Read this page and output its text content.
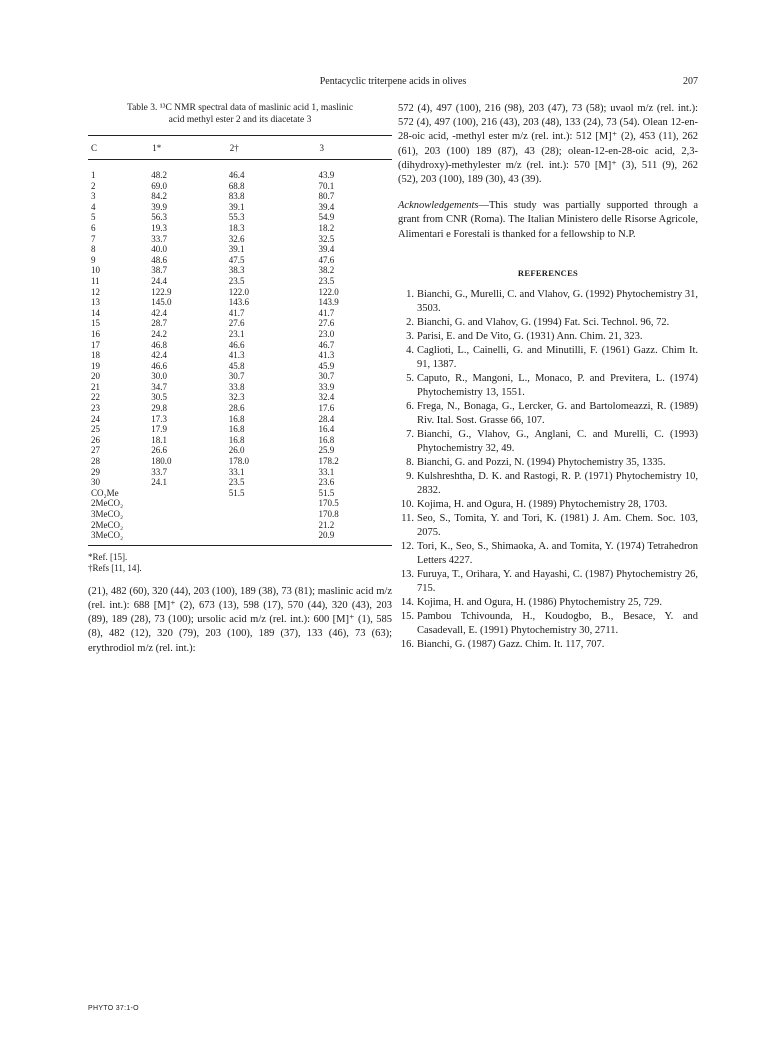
Pentacyclic triterpene acids in olives	207
Table 3. ¹³C NMR spectral data of maslinic acid 1, maslinic
acid methyl ester 2 and its diacetate 3
C	1*	2†	3
1	48.2	46.4	43.9
2	69.0	68.8	70.1
3	84.2	83.8	80.7
4	39.9	39.1	39.4
5	56.3	55.3	54.9
6	19.3	18.3	18.2
7	33.7	32.6	32.5
8	40.0	39.1	39.4
9	48.6	47.5	47.6
10	38.7	38.3	38.2
11	24.4	23.5	23.5
12	122.9	122.0	122.0
13	145.0	143.6	143.9
14	42.4	41.7	41.7
15	28.7	27.6	27.6
16	24.2	23.1	23.0
17	46.8	46.6	46.7
18	42.4	41.3	41.3
19	46.6	45.8	45.9
20	30.0	30.7	30.7
21	34.7	33.8	33.9
22	30.5	32.3	32.4
23	29.8	28.6	17.6
24	17.3	16.8	28.4
25	17.9	16.8	16.4
26	18.1	16.8	16.8
27	26.6	26.0	25.9
28	180.0	178.0	178.2
29	33.7	33.1	33.1
30	24.1	23.5	23.6
CO₂Me		51.5	51.5
2MeCO₂			170.5
3MeCO₂			170.8
2MeCO₂			21.2
3MeCO₂			20.9
*Ref. [15].
†Refs [11, 14].
(21), 482 (60), 320 (44), 203 (100), 189 (38), 73 (81); maslinic acid m/z (rel. int.): 688 [M]⁺ (2), 673 (13), 598 (17), 570 (44), 320 (43), 203 (89), 189 (28), 73 (100); ursolic acid m/z (rel. int.): 600 [M]⁺ (1), 585 (8), 482 (12), 320 (79), 203 (100), 189 (37), 133 (46), 73 (63); erythrodiol m/z (rel. int.):
572 (4), 497 (100), 216 (98), 203 (47), 73 (58); uvaol m/z (rel. int.): 572 (4), 497 (100), 216 (43), 203 (48), 133 (24), 73 (54). Olean 12-en-28-oic acid, -methyl ester m/z (rel. int.): 512 [M]⁺ (2), 453 (11), 262 (61), 203 (100) 189 (87), 43 (28); olean-12-en-28-oic acid, 2,3-(dihydroxy)-methylester m/z (rel. int.): 570 [M]⁺ (3), 511 (9), 262 (52), 203 (100), 189 (30), 43 (39).
Acknowledgements—This study was partially supported through a grant from CNR (Roma). The Italian Ministero delle Risorse Agricole, Alimentari e Forestali is thanked for a fellowship to N.P.
REFERENCES
1. Bianchi, G., Murelli, C. and Vlahov, G. (1992) Phytochemistry 31, 3503.
2. Bianchi, G. and Vlahov, G. (1994) Fat. Sci. Technol. 96, 72.
3. Parisi, E. and De Vito, G. (1931) Ann. Chim. 21, 323.
4. Caglioti, L., Cainelli, G. and Minutilli, F. (1961) Gazz. Chim It. 91, 1387.
5. Caputo, R., Mangoni, L., Monaco, P. and Previtera, L. (1974) Phytochemistry 13, 1551.
6. Frega, N., Bonaga, G., Lercker, G. and Bartolomeazzi, R. (1989) Riv. Ital. Sost. Grasse 66, 107.
7. Bianchi, G., Vlahov, G., Anglani, C. and Murelli, C. (1993) Phytochemistry 32, 49.
8. Bianchi, G. and Pozzi, N. (1994) Phytochemistry 35, 1335.
9. Kulshreshtha, D. K. and Rastogi, R. P. (1971) Phytochemistry 10, 2832.
10. Kojima, H. and Ogura, H. (1989) Phytochemistry 28, 1703.
11. Seo, S., Tomita, Y. and Tori, K. (1981) J. Am. Chem. Soc. 103, 2075.
12. Tori, K., Seo, S., Shimaoka, A. and Tomita, Y. (1974) Tetrahedron Letters 4227.
13. Furuya, T., Orihara, Y. and Hayashi, C. (1987) Phytochemistry 26, 715.
14. Kojima, H. and Ogura, H. (1986) Phytochemistry 25, 729.
15. Pambou Tchivounda, H., Koudogbo, B., Besace, Y. and Casadevall, E. (1991) Phytochemistry 30, 2711.
16. Bianchi, G. (1987) Gazz. Chim. It. 117, 707.
PHYTO 37:1-O
